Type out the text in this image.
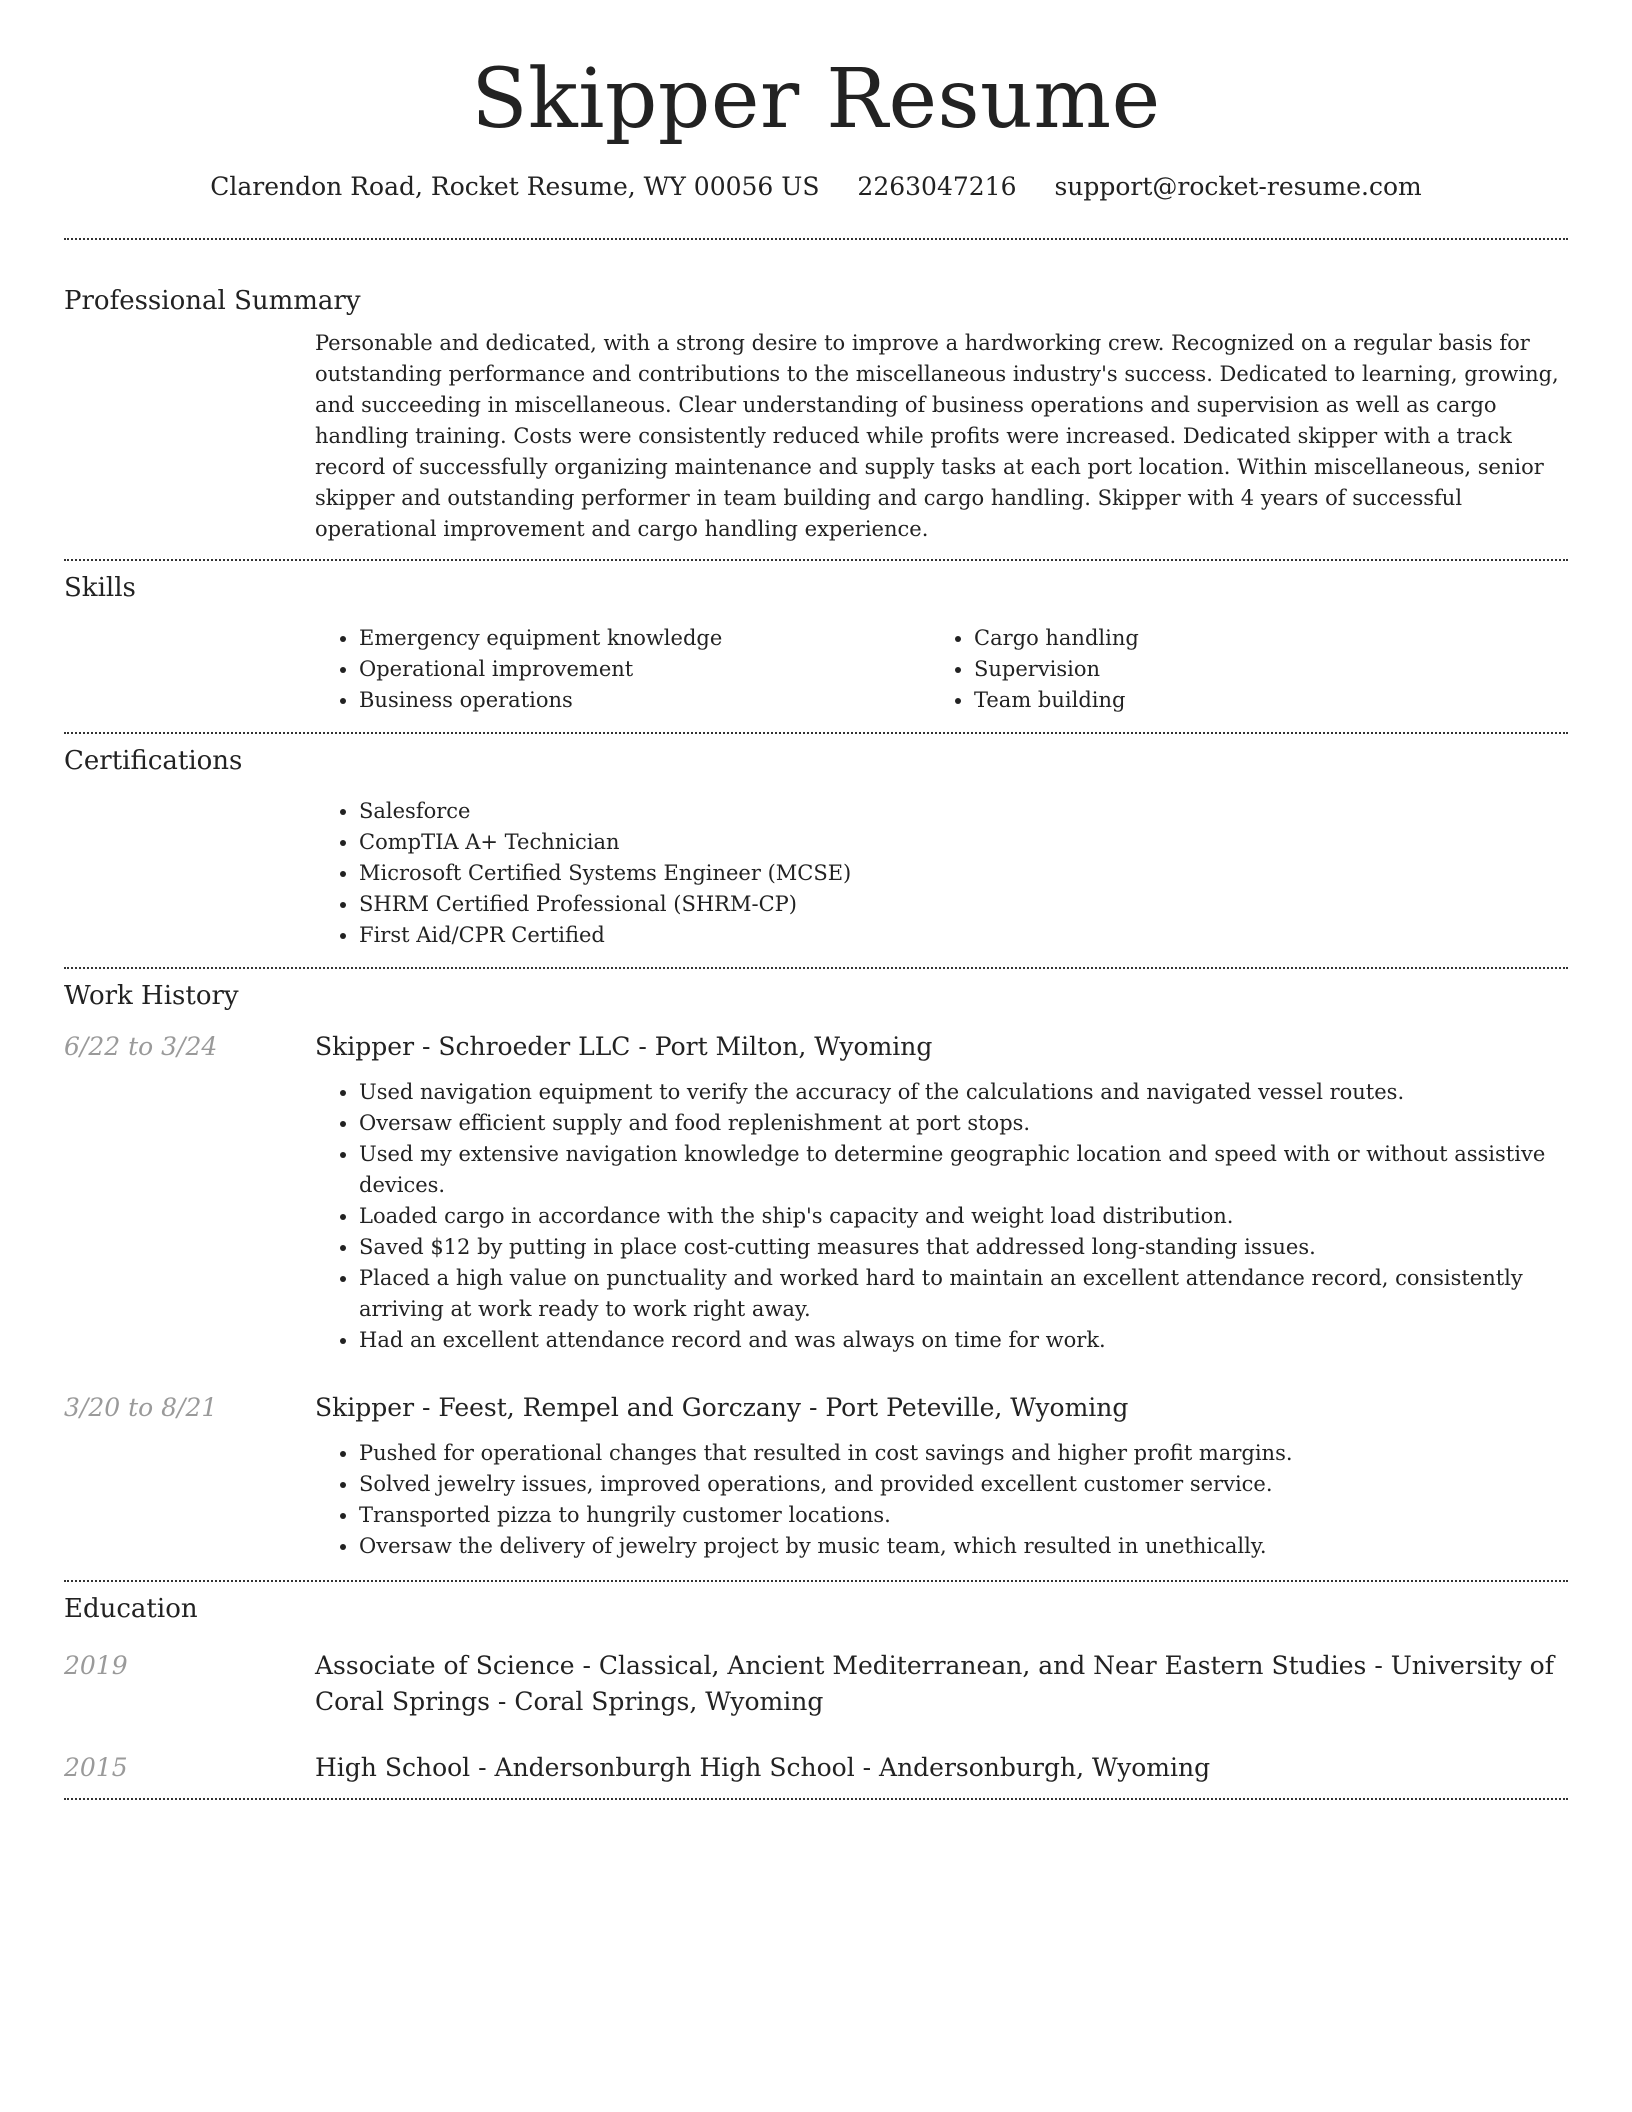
Skipper Resume
Clarendon Road, Rocket Resume, WY 00056 US 2263047216 support@rocket-resume.com
Professional Summary
Personable and dedicated, with a strong desire to improve a hardworking crew. Recognized on a regular basis for outstanding performance and contributions to the miscellaneous industry's success. Dedicated to learning, growing, and succeeding in miscellaneous. Clear understanding of business operations and supervision as well as cargo handling training. Costs were consistently reduced while profits were increased. Dedicated skipper with a track record of successfully organizing maintenance and supply tasks at each port location. Within miscellaneous, senior skipper and outstanding performer in team building and cargo handling. Skipper with 4 years of successful operational improvement and cargo handling experience.
Skills
• Emergency equipment knowledge
• Operational improvement
• Business operations
• Cargo handling
• Supervision
• Team building
Certifications
• Salesforce
• CompTIA A+ Technician
• Microsoft Certified Systems Engineer (MCSE)
• SHRM Certified Professional (SHRM-CP)
• First Aid/CPR Certified
Work History
6/22 to 3/24	Skipper - Schroeder LLC - Port Milton, Wyoming
• Used navigation equipment to verify the accuracy of the calculations and navigated vessel routes.
• Oversaw efficient supply and food replenishment at port stops.
• Used my extensive navigation knowledge to determine geographic location and speed with or without assistive devices.
• Loaded cargo in accordance with the ship's capacity and weight load distribution.
• Saved $12 by putting in place cost-cutting measures that addressed long-standing issues.
• Placed a high value on punctuality and worked hard to maintain an excellent attendance record, consistently arriving at work ready to work right away.
• Had an excellent attendance record and was always on time for work.
3/20 to 8/21	Skipper - Feest, Rempel and Gorczany - Port Peteville, Wyoming
• Pushed for operational changes that resulted in cost savings and higher profit margins.
• Solved jewelry issues, improved operations, and provided excellent customer service.
• Transported pizza to hungrily customer locations.
• Oversaw the delivery of jewelry project by music team, which resulted in unethically.
Education
2019	Associate of Science - Classical, Ancient Mediterranean, and Near Eastern Studies - University of Coral Springs - Coral Springs, Wyoming
2015	High School - Andersonburgh High School - Andersonburgh, Wyoming
